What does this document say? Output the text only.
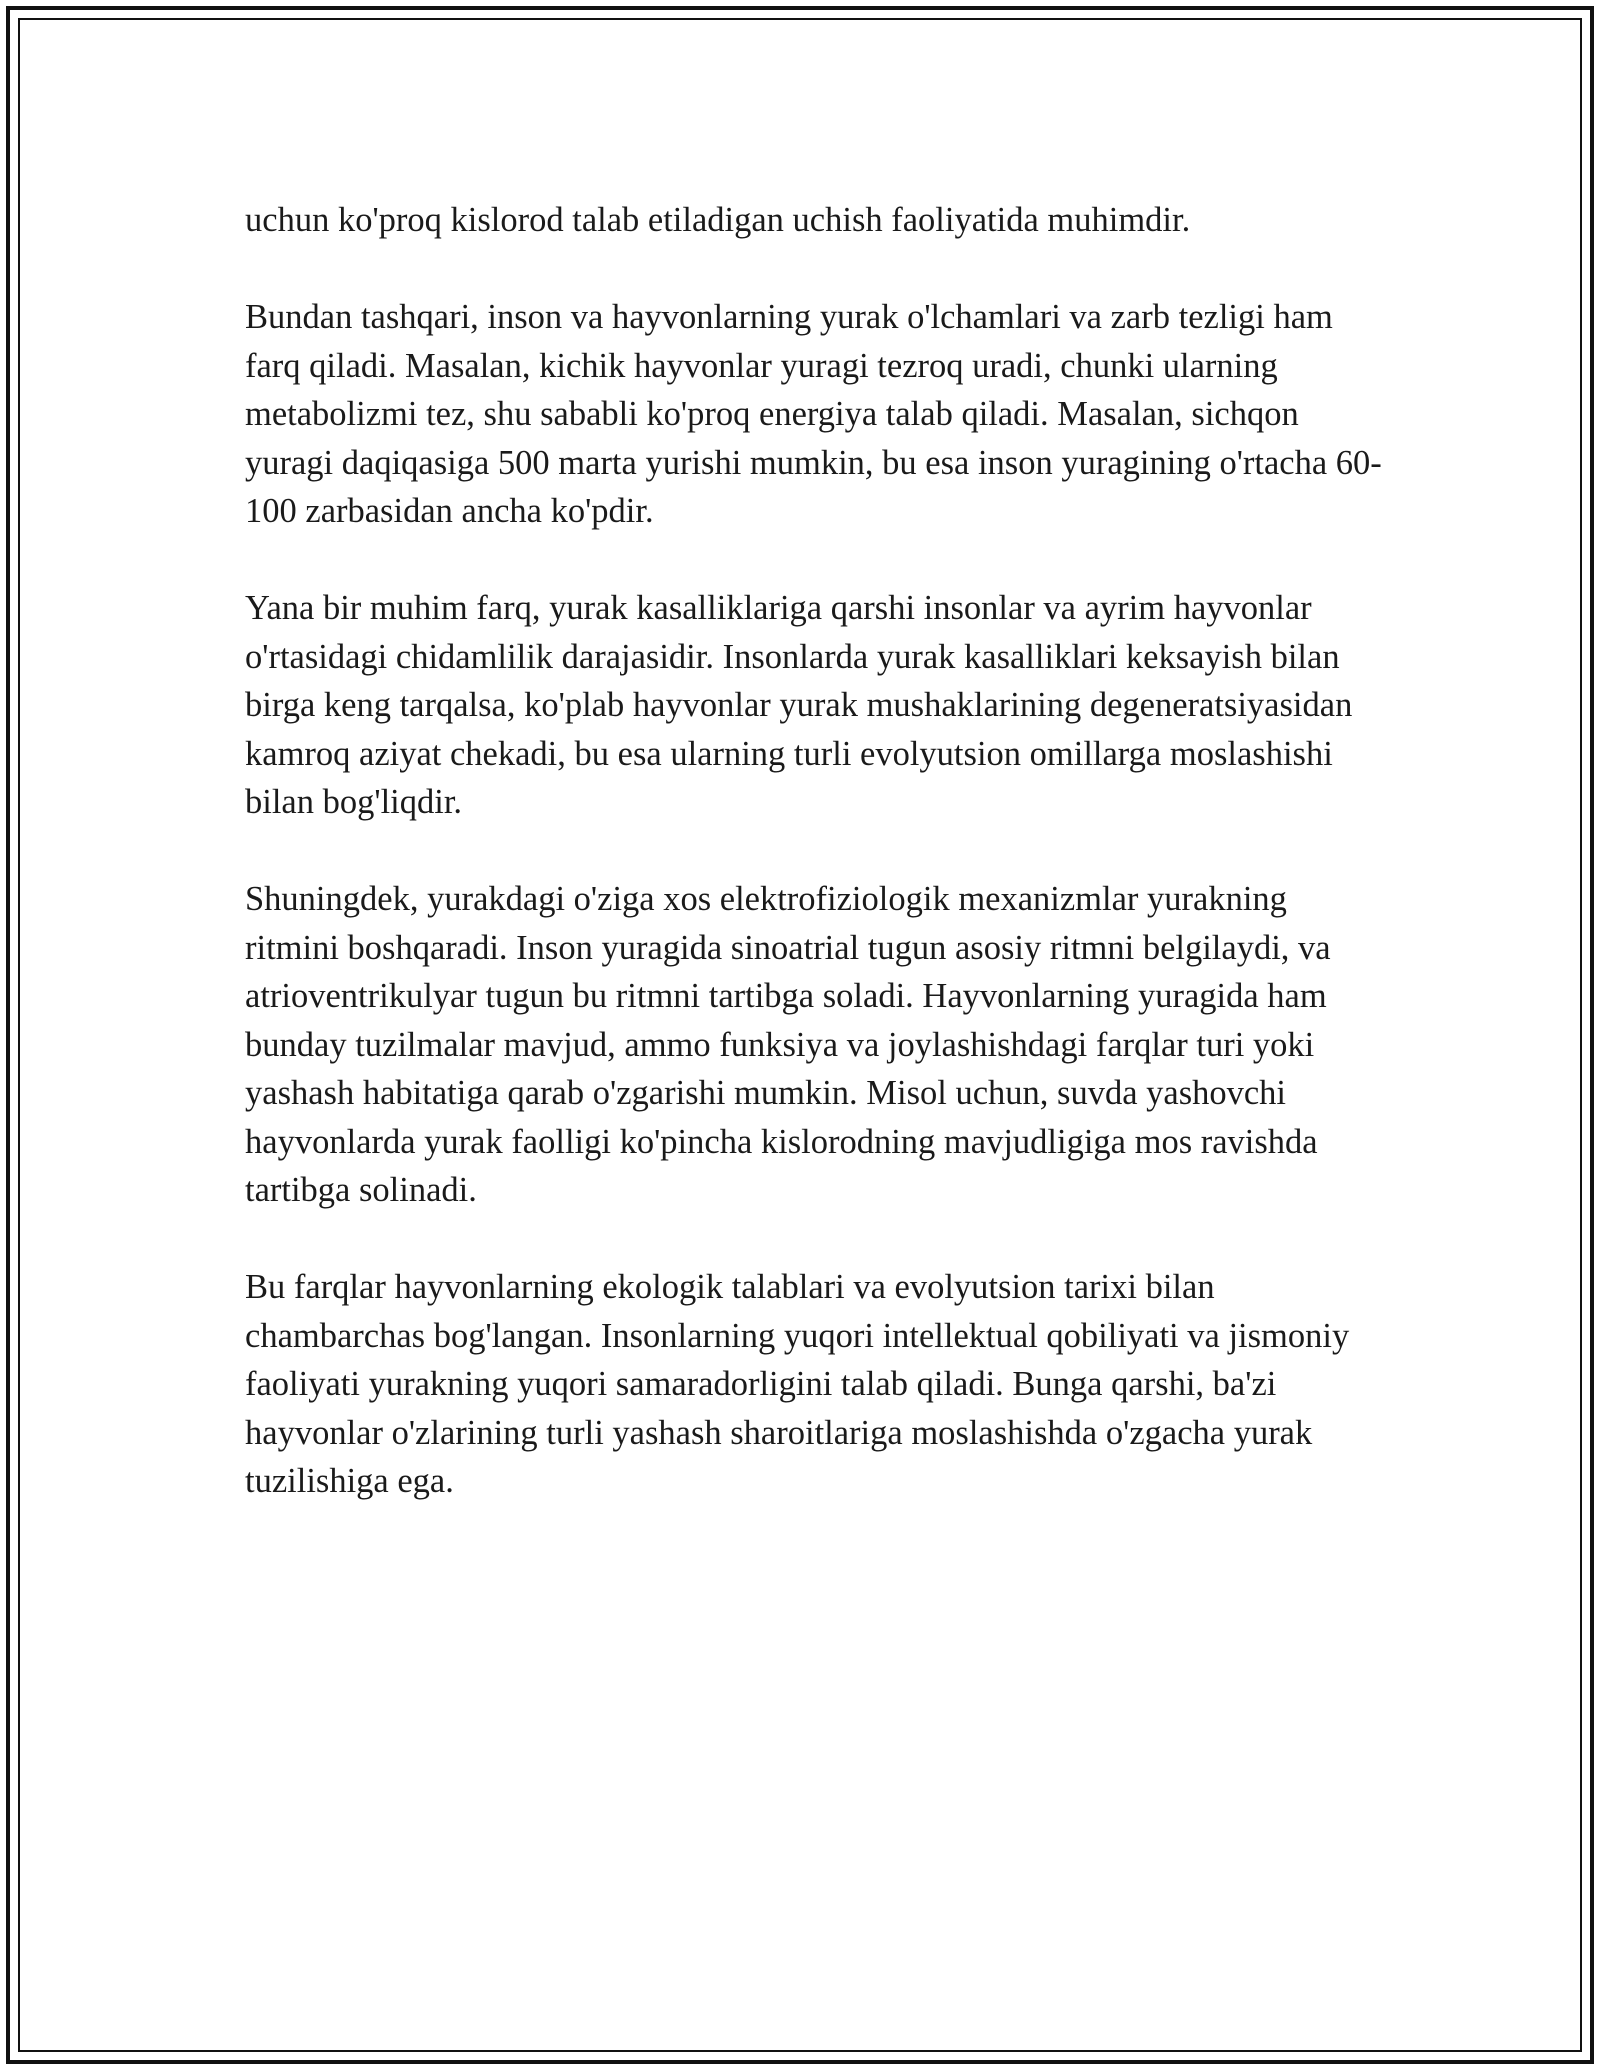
uchun ko'proq kislorod talab etiladigan uchish faoliyatida muhimdir.

Bundan tashqari, inson va hayvonlarning yurak o'lchamlari va zarb tezligi ham farq qiladi. Masalan, kichik hayvonlar yuragi tezroq uradi, chunki ularning metabolizmi tez, shu sababli ko'proq energiya talab qiladi. Masalan, sichqon yuragi daqiqasiga 500 marta yurishi mumkin, bu esa inson yuragining o'rtacha 60-100 zarbasidan ancha ko'pdir.

Yana bir muhim farq, yurak kasalliklariga qarshi insonlar va ayrim hayvonlar o'rtasidagi chidamlilik darajasidir. Insonlarda yurak kasalliklari keksayish bilan birga keng tarqalsa, ko'plab hayvonlar yurak mushaklarining degeneratsiyasidan kamroq aziyat chekadi, bu esa ularning turli evolyutsion omillarga moslashishi bilan bog'liqdir.

Shuningdek, yurakdagi o'ziga xos elektrofiziologik mexanizmlar yurakning ritmini boshqaradi. Inson yuragida sinoatrial tugun asosiy ritmni belgilaydi, va atrioventrikulyar tugun bu ritmni tartibga soladi. Hayvonlarning yuragida ham bunday tuzilmalar mavjud, ammo funksiya va joylashishdagi farqlar turi yoki yashash habitatiga qarab o'zgarishi mumkin. Misol uchun, suvda yashovchi hayvonlarda yurak faolligi ko'pincha kislorodning mavjudligiga mos ravishda tartibga solinadi.

Bu farqlar hayvonlarning ekologik talablari va evolyutsion tarixi bilan chambarchas bog'langan. Insonlarning yuqori intellektual qobiliyati va jismoniy faoliyati yurakning yuqori samaradorligini talab qiladi. Bunga qarshi, ba'zi hayvonlar o'zlarining turli yashash sharoitlariga moslashishda o'zgacha yurak tuzilishiga ega.
